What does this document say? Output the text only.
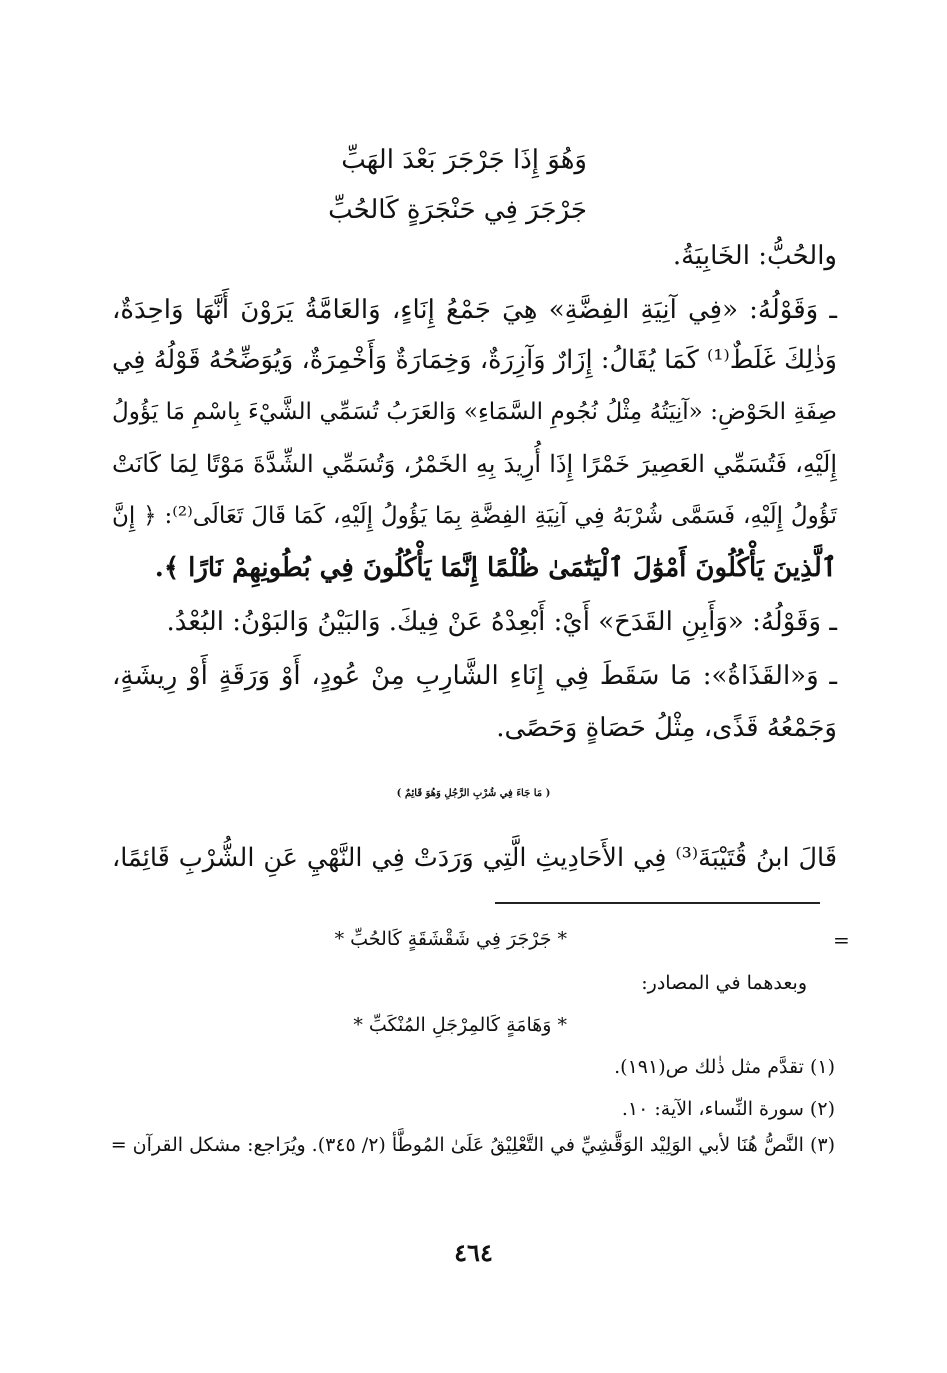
وَهُوَ إِذَا جَرْجَرَ بَعْدَ الهَبِّ
جَرْجَرَ فِي حَنْجَرَةٍ كَالحُبِّ
والحُبُّ: الخَابِيَةُ.
ـ وَقَوْلُهُ: «فِي آنِيَةِ الفِضَّةِ» هِيَ جَمْعُ إِنَاءٍ، وَالعَامَّةُ يَرَوْنَ أَنَّهَا وَاحِدَةٌ،
وَذٰلِكَ غَلَطٌ⁽¹⁾ كَمَا يُقَالُ: إِزَارٌ وَآزِرَةٌ، وَخِمَارَةٌ وَأَخْمِرَةٌ، وَيُوَضِّحُهُ قَوْلُهُ فِي
صِفَةِ الحَوْضِ: «آنِيَتُهُ مِثْلُ نُجُومِ السَّمَاءِ» وَالعَرَبُ تُسَمِّي الشَّيْءَ بِاسْمِ مَا يَؤُولُ
إِلَيْهِ، فَتُسَمِّي العَصِيرَ خَمْرًا إِذَا أُرِيدَ بِهِ الخَمْرُ، وَتُسَمِّي الشِّدَّةَ مَوْتًا لِمَا كَانَتْ
تَؤُولُ إِلَيْهِ، فَسَمَّى شُرْبَهُ فِي آنِيَةِ الفِضَّةِ بِمَا يَؤُولُ إِلَيْهِ، كَمَا قَالَ تَعَالَى⁽²⁾: ﴿ إِنَّ
ٱلَّذِينَ يَأْكُلُونَ أَمْوَٰلَ ٱلْيَتَٰمَىٰ ظُلْمًا إِنَّمَا يَأْكُلُونَ فِي بُطُونِهِمْ نَارًا ﴾.
ـ وَقَوْلُهُ: «وَأَبِنِ القَدَحَ» أَيْ: أَبْعِدْهُ عَنْ فِيكَ. وَالبَيْنُ وَالبَوْنُ: البُعْدُ.
ـ وَ«القَذَاةُ»: مَا سَقَطَ فِي إِنَاءِ الشَّارِبِ مِنْ عُودٍ، أَوْ وَرَقَةٍ أَوْ رِيشَةٍ،
وَجَمْعُهُ قَذًى، مِثْلُ حَصَاةٍ وَحَصًى.
( مَا جَاءَ فِي شُرْبِ الرَّجُلِ وَهُوَ قَائِمٌ )
قَالَ ابنُ قُتَيْبَةَ⁽³⁾ فِي الأَحَادِيثِ الَّتِي وَرَدَتْ فِي النَّهْيِ عَنِ الشُّرْبِ قَائِمًا،
=
* جَرْجَرَ فِي شَقْشَقَةٍ كَالحُبِّ *
وبعدهما في المصادر:
* وَهَامَةٍ كَالمِرْجَلِ المُنْكَبِّ *
(١) تقدَّم مثل ذٰلك ص(١٩١).
(٢) سورة النِّساء، الآية: ١٠.
(٣) النَّصُّ هُنَا لأبي الوَلِيْد الوَقَّشِيِّ في التَّعْلِيْقُ عَلَىٰ المُوطَّأ (٢/ ٣٤٥). ويُرَاجع: مشكل القرآن =
٤٦٤
